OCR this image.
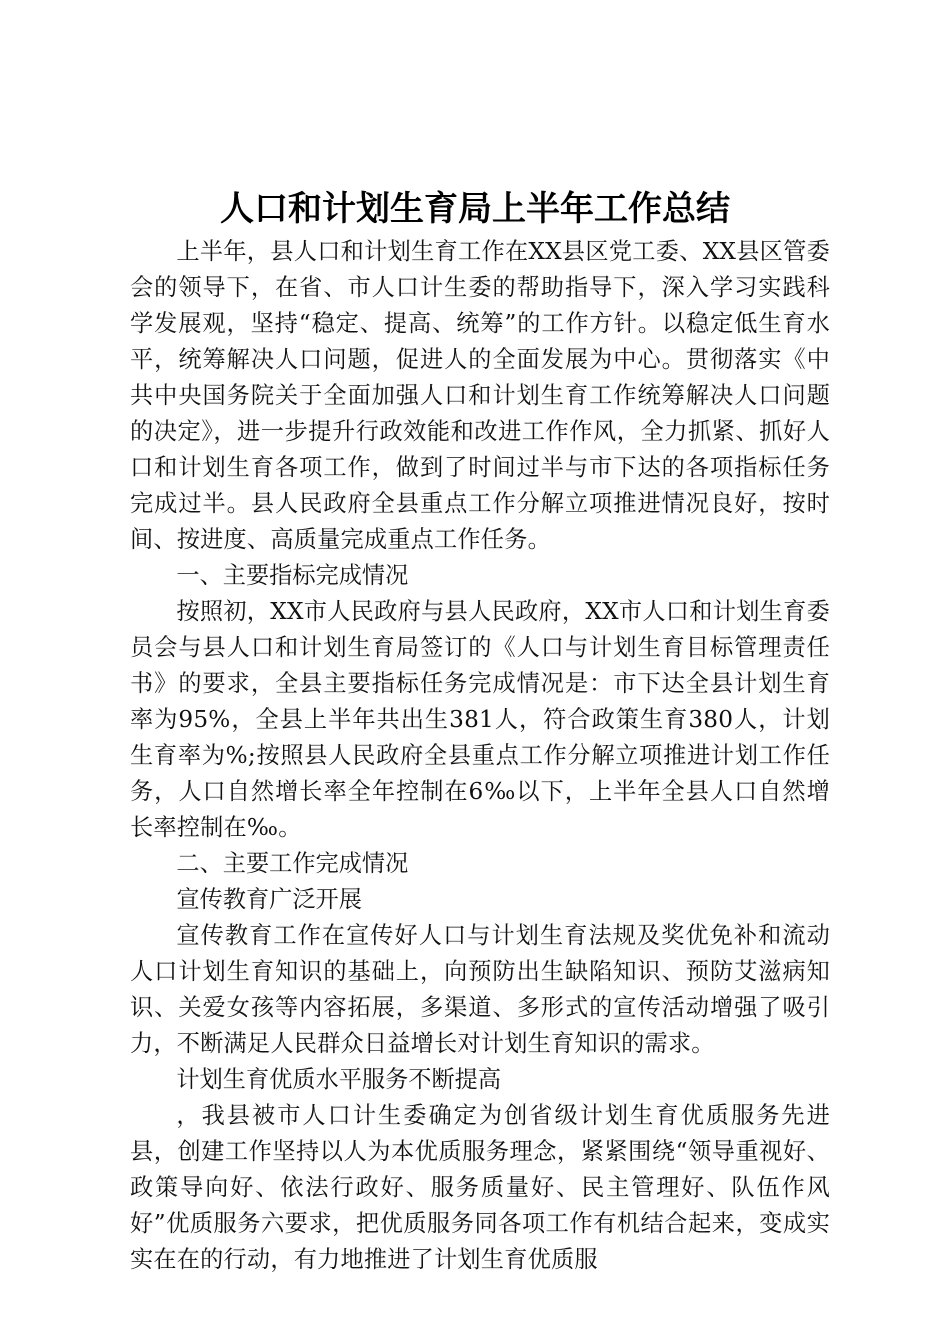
人口和计划生育局上半年工作总结

上半年，县人口和计划生育工作在XX县区党工委、XX县区管委会的领导下，在省、市人口计生委的帮助指导下，深入学习实践科学发展观，坚持“稳定、提高、统筹”的工作方针。以稳定低生育水平，统筹解决人口问题，促进人的全面发展为中心。贯彻落实《中共中央国务院关于全面加强人口和计划生育工作统筹解决人口问题的决定》，进一步提升行政效能和改进工作作风，全力抓紧、抓好人口和计划生育各项工作，做到了时间过半与市下达的各项指标任务完成过半。县人民政府全县重点工作分解立项推进情况良好，按时间、按进度、高质量完成重点工作任务。

一、主要指标完成情况

按照初，XX市人民政府与县人民政府，XX市人口和计划生育委员会与县人口和计划生育局签订的《人口与计划生育目标管理责任书》的要求，全县主要指标任务完成情况是：市下达全县计划生育率为95%，全县上半年共出生381人，符合政策生育380人，计划生育率为%;按照县人民政府全县重点工作分解立项推进计划工作任务，人口自然增长率全年控制在6‰以下，上半年全县人口自然增长率控制在‰。

二、主要工作完成情况

宣传教育广泛开展

宣传教育工作在宣传好人口与计划生育法规及奖优免补和流动人口计划生育知识的基础上，向预防出生缺陷知识、预防艾滋病知识、关爱女孩等内容拓展，多渠道、多形式的宣传活动增强了吸引力，不断满足人民群众日益增长对计划生育知识的需求。

计划生育优质水平服务不断提高

，我县被市人口计生委确定为创省级计划生育优质服务先进县，创建工作坚持以人为本优质服务理念，紧紧围绕“领导重视好、政策导向好、依法行政好、服务质量好、民主管理好、队伍作风好”优质服务六要求，把优质服务同各项工作有机结合起来，变成实实在在的行动，有力地推进了计划生育优质服
